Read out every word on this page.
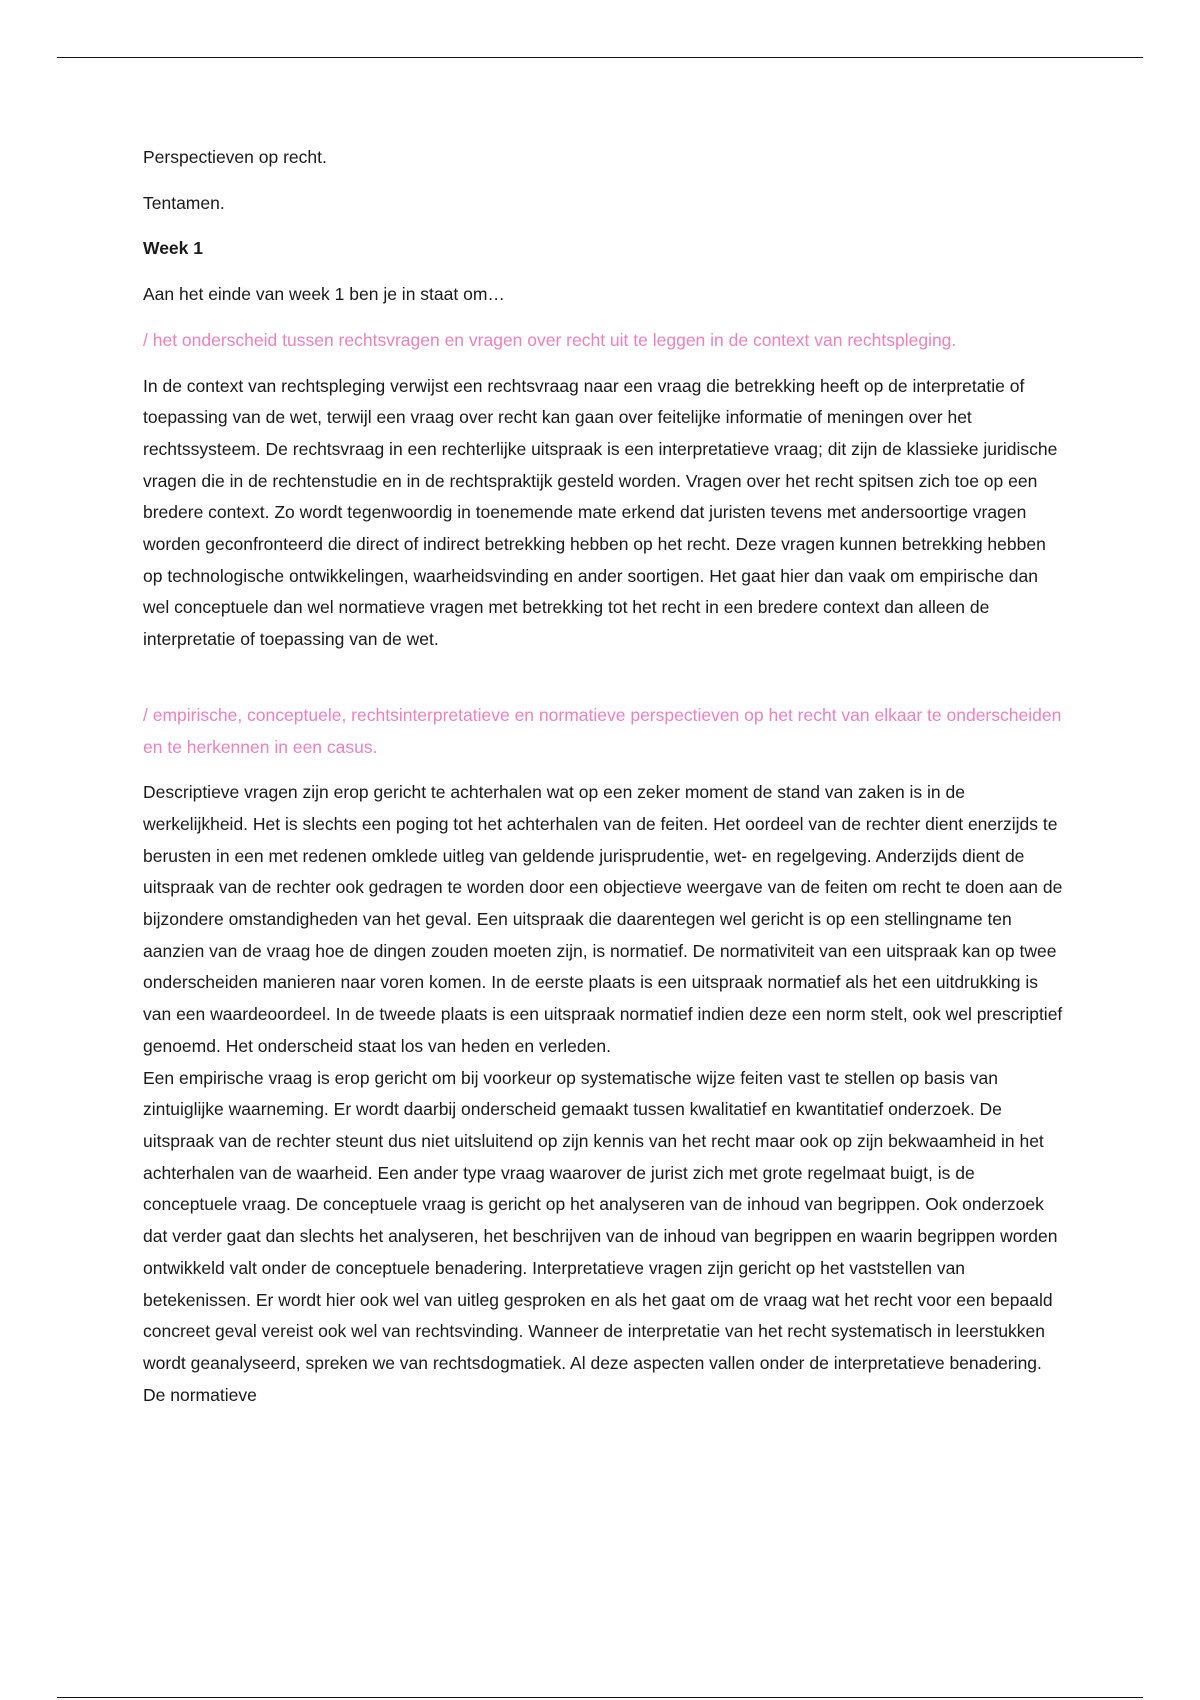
Perspectieven op recht.

Tentamen.

Week 1

Aan het einde van week 1 ben je in staat om…

/ het onderscheid tussen rechtsvragen en vragen over recht uit te leggen in de context van rechtspleging.

In de context van rechtspleging verwijst een rechtsvraag naar een vraag die betrekking heeft op de interpretatie of toepassing van de wet, terwijl een vraag over recht kan gaan over feitelijke informatie of meningen over het rechtssysteem. De rechtsvraag in een rechterlijke uitspraak is een interpretatieve vraag; dit zijn de klassieke juridische vragen die in de rechtenstudie en in de rechtspraktijk gesteld worden. Vragen over het recht spitsen zich toe op een bredere context. Zo wordt tegenwoordig in toenemende mate erkend dat juristen tevens met andersoortige vragen worden geconfronteerd die direct of indirect betrekking hebben op het recht. Deze vragen kunnen betrekking hebben op technologische ontwikkelingen, waarheidsvinding en ander soortigen. Het gaat hier dan vaak om empirische dan wel conceptuele dan wel normatieve vragen met betrekking tot het recht in een bredere context dan alleen de interpretatie of toepassing van de wet.

/ empirische, conceptuele, rechtsinterpretatieve en normatieve perspectieven op het recht van elkaar te onderscheiden en te herkennen in een casus.

Descriptieve vragen zijn erop gericht te achterhalen wat op een zeker moment de stand van zaken is in de werkelijkheid. Het is slechts een poging tot het achterhalen van de feiten. Het oordeel van de rechter dient enerzijds te berusten in een met redenen omklede uitleg van geldende jurisprudentie, wet- en regelgeving. Anderzijds dient de uitspraak van de rechter ook gedragen te worden door een objectieve weergave van de feiten om recht te doen aan de bijzondere omstandigheden van het geval. Een uitspraak die daarentegen wel gericht is op een stellingname ten aanzien van de vraag hoe de dingen zouden moeten zijn, is normatief. De normativiteit van een uitspraak kan op twee onderscheiden manieren naar voren komen. In de eerste plaats is een uitspraak normatief als het een uitdrukking is van een waardeoordeel. In de tweede plaats is een uitspraak normatief indien deze een norm stelt, ook wel prescriptief genoemd. Het onderscheid staat los van heden en verleden.

Een empirische vraag is erop gericht om bij voorkeur op systematische wijze feiten vast te stellen op basis van zintuiglijke waarneming. Er wordt daarbij onderscheid gemaakt tussen kwalitatief en kwantitatief onderzoek. De uitspraak van de rechter steunt dus niet uitsluitend op zijn kennis van het recht maar ook op zijn bekwaamheid in het achterhalen van de waarheid. Een ander type vraag waarover de jurist zich met grote regelmaat buigt, is de conceptuele vraag. De conceptuele vraag is gericht op het analyseren van de inhoud van begrippen. Ook onderzoek dat verder gaat dan slechts het analyseren, het beschrijven van de inhoud van begrippen en waarin begrippen worden ontwikkeld valt onder de conceptuele benadering. Interpretatieve vragen zijn gericht op het vaststellen van betekenissen. Er wordt hier ook wel van uitleg gesproken en als het gaat om de vraag wat het recht voor een bepaald concreet geval vereist ook wel van rechtsvinding. Wanneer de interpretatie van het recht systematisch in leerstukken wordt geanalyseerd, spreken we van rechtsdogmatiek. Al deze aspecten vallen onder de interpretatieve benadering. De normatieve
